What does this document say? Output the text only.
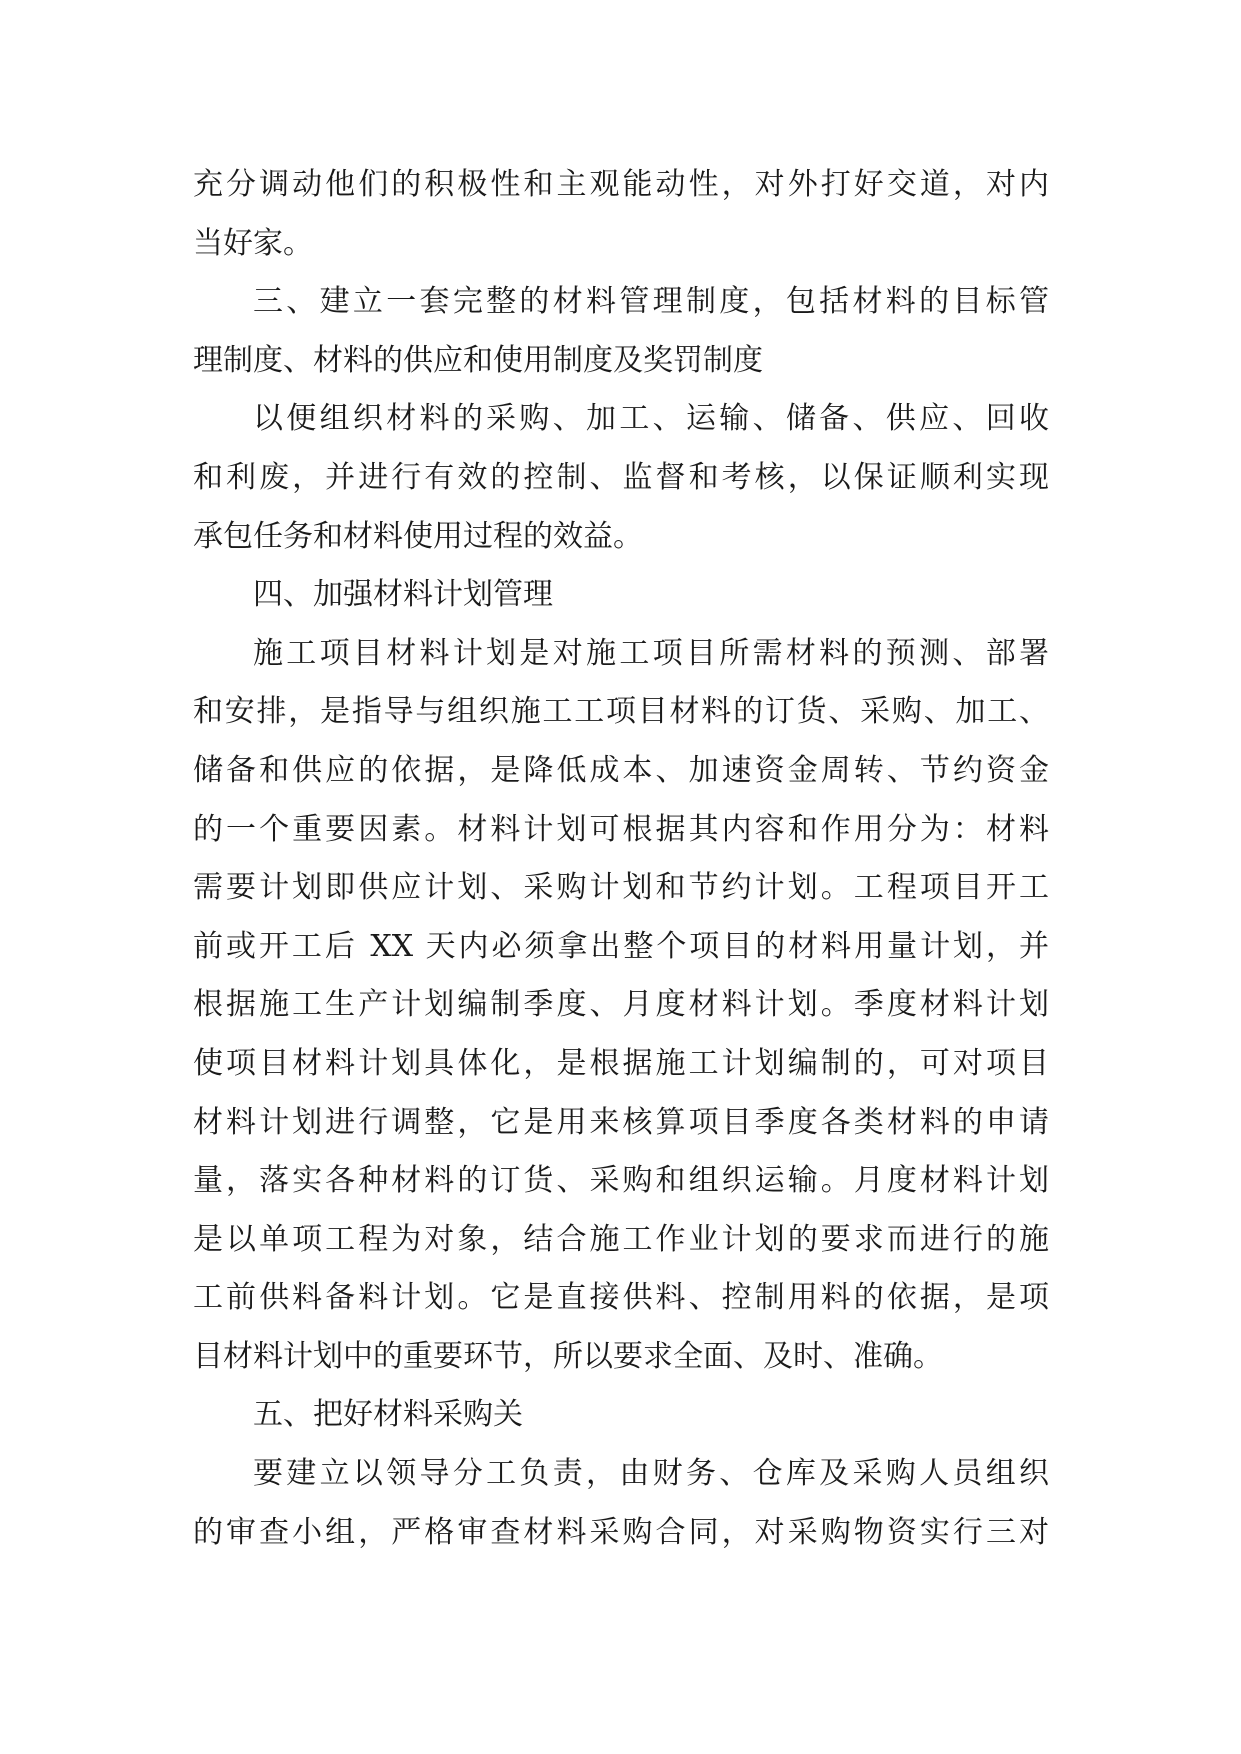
充分调动他们的积极性和主观能动性，对外打好交道，对内
当好家。
三、建立一套完整的材料管理制度，包括材料的目标管
理制度、材料的供应和使用制度及奖罚制度
以便组织材料的采购、加工、运输、储备、供应、回收
和利废，并进行有效的控制、监督和考核，以保证顺利实现
承包任务和材料使用过程的效益。
四、加强材料计划管理
施工项目材料计划是对施工项目所需材料的预测、部署
和安排，是指导与组织施工工项目材料的订货、采购、加工、
储备和供应的依据，是降低成本、加速资金周转、节约资金
的一个重要因素。材料计划可根据其内容和作用分为：材料
需要计划即供应计划、采购计划和节约计划。工程项目开工
前或开工后 XX 天内必须拿出整个项目的材料用量计划，并
根据施工生产计划编制季度、月度材料计划。季度材料计划
使项目材料计划具体化，是根据施工计划编制的，可对项目
材料计划进行调整，它是用来核算项目季度各类材料的申请
量，落实各种材料的订货、采购和组织运输。月度材料计划
是以单项工程为对象，结合施工作业计划的要求而进行的施
工前供料备料计划。它是直接供料、控制用料的依据，是项
目材料计划中的重要环节，所以要求全面、及时、准确。
五、把好材料采购关
要建立以领导分工负责，由财务、仓库及采购人员组织
的审查小组，严格审查材料采购合同，对采购物资实行三对
